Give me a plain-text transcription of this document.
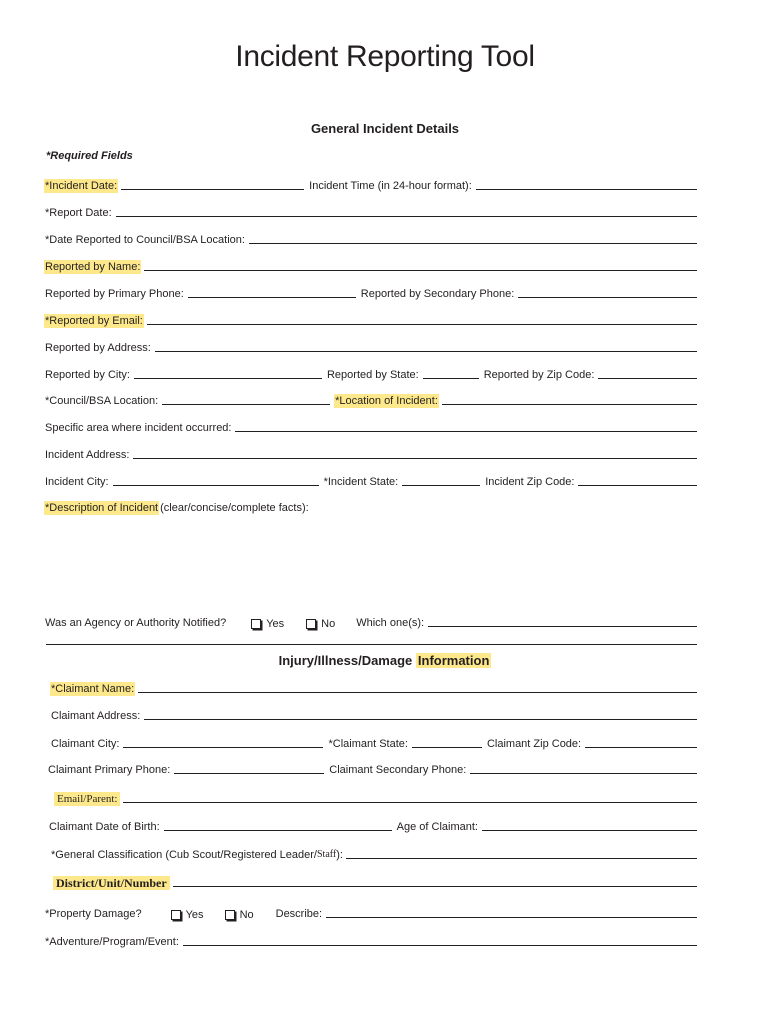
Incident Reporting Tool
General Incident Details
*Required Fields
*Incident Date:	Incident Time (in 24-hour format):
*Report Date:
*Date Reported to Council/BSA Location:
Reported by Name:
Reported by Primary Phone:	Reported by Secondary Phone:
*Reported by Email:
Reported by Address:
Reported by City:	Reported by State:	Reported by Zip Code:
*Council/BSA Location:	*Location of Incident:
Specific area where incident occurred:
Incident Address:
Incident City:	*Incident State:	Incident Zip Code:
*Description of Incident (clear/concise/complete facts):
Was an Agency or Authority Notified?	Yes	No Which one(s):
Injury/Illness/Damage Information
*Claimant Name:
Claimant Address:
Claimant City:	*Claimant State:	Claimant Zip Code:
Claimant Primary Phone:	Claimant Secondary Phone:
Email/Parent:
Claimant Date of Birth:	Age of Claimant:
*General Classification (Cub Scout/Registered Leader/ Staff ):
District/Unit/Number
*Property Damage?	Yes	No Describe:
*Adventure/Program/Event:
